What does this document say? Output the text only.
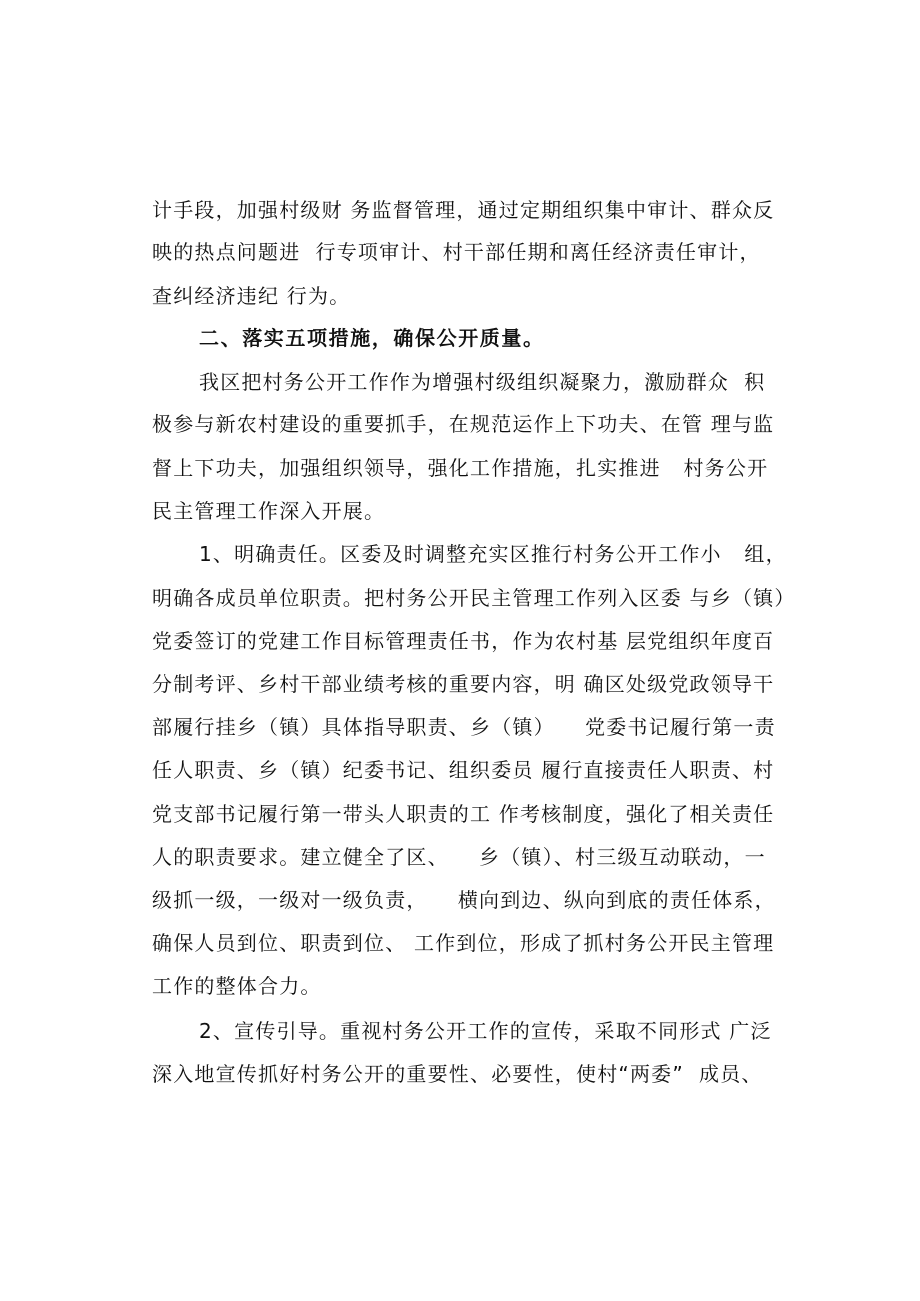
计手段，加强村级财 务监督管理，通过定期组织集中审计、群众反
映的热点问题进  行专项审计、村干部任期和离任经济责任审计，
查纠经济违纪 行为。
二、落实五项措施，确保公开质量。
我区把村务公开工作作为增强村级组织凝聚力，激励群众  积
极参与新农村建设的重要抓手，在规范运作上下功夫、在管 理与监
督上下功夫，加强组织领导，强化工作措施，扎实推进   村务公开
民主管理工作深入开展。
1、明确责任。区委及时调整充实区推行村务公开工作小   组，
明确各成员单位职责。把村务公开民主管理工作列入区委 与乡（镇）
党委签订的党建工作目标管理责任书，作为农村基 层党组织年度百
分制考评、乡村干部业绩考核的重要内容，明 确区处级党政领导干
部履行挂乡（镇）具体指导职责、乡（镇）    党委书记履行第一责
任人职责、乡（镇）纪委书记、组织委员 履行直接责任人职责、村
党支部书记履行第一带头人职责的工 作考核制度，强化了相关责任
人的职责要求。建立健全了区、    乡（镇）、村三级互动联动，一
级抓一级，一级对一级负责，    横向到边、纵向到底的责任体系，
确保人员到位、职责到位、 工作到位，形成了抓村务公开民主管理
工作的整体合力。
2、宣传引导。重视村务公开工作的宣传，采取不同形式 广泛
深入地宣传抓好村务公开的重要性、必要性，使村“两委”  成员、
